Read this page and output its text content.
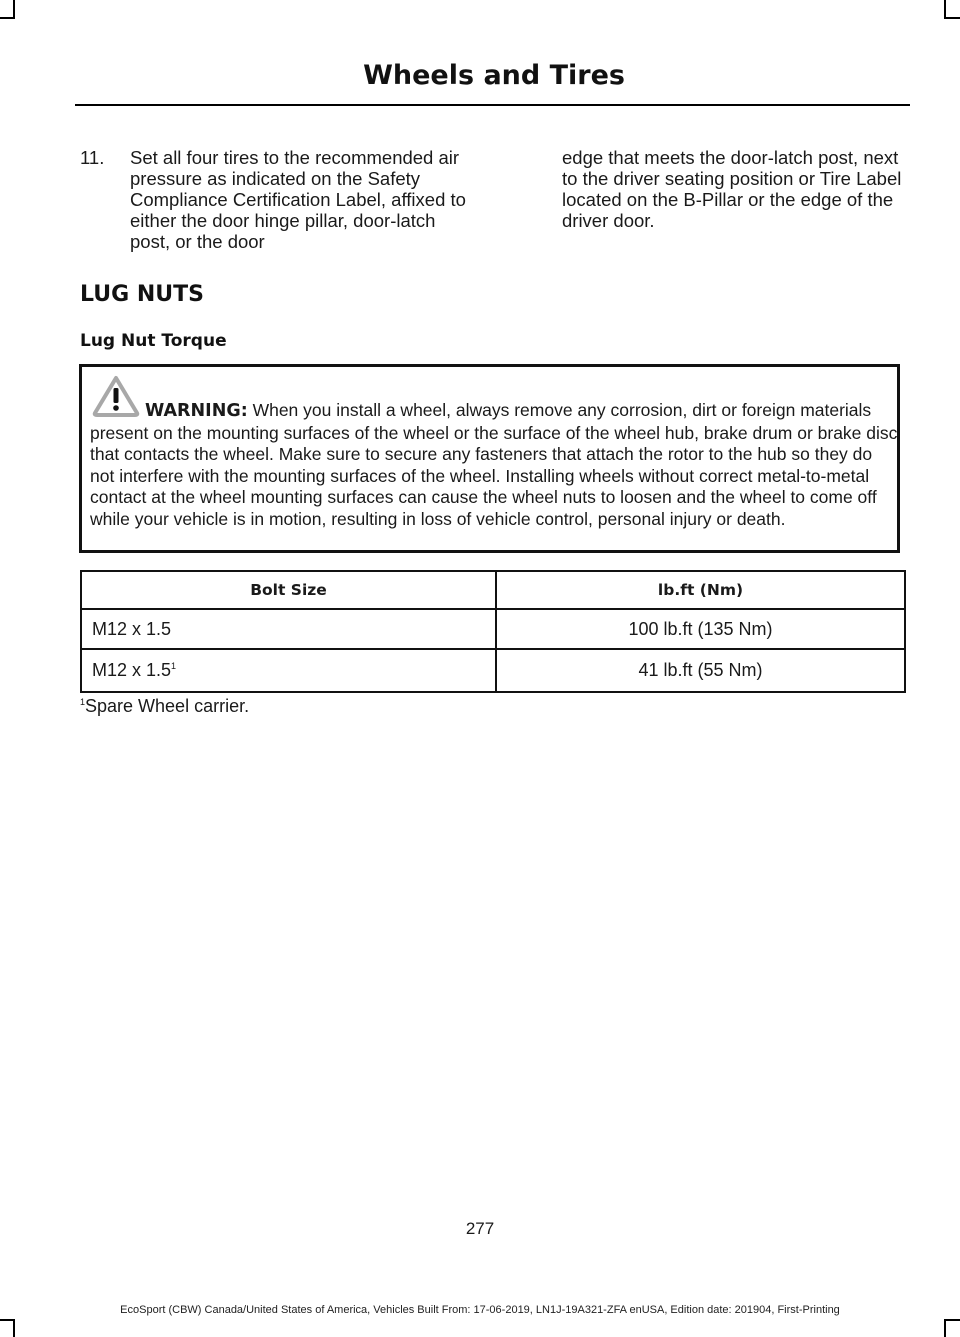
Wheels and Tires
11.	Set all four tires to the recommended air pressure as indicated on the Safety Compliance Certification Label, affixed to either the door hinge pillar, door-latch post, or the door
edge that meets the door-latch post, next to the driver seating position or Tire Label located on the B-Pillar or the edge of the driver door.
LUG NUTS
Lug Nut Torque

WARNING: When you install a wheel, always remove any corrosion, dirt or foreign materials present on the mounting surfaces of the wheel or the surface of the wheel hub, brake drum or brake disc that contacts the wheel. Make sure to secure any fasteners that attach the rotor to the hub so they do not interfere with the mounting surfaces of the wheel. Installing wheels without correct metal-to-metal contact at the wheel mounting surfaces can cause the wheel nuts to loosen and the wheel to come off while your vehicle is in motion, resulting in loss of vehicle control, personal injury or death.

Bolt Size	lb.ft (Nm)
M12 x 1.5	100 lb.ft (135 Nm)
M12 x $1.5^1$	41 lb.ft (55 Nm)
$^1$Spare Wheel carrier.
277
EcoSport (CBW) Canada/United States of America, Vehicles Built From: 17-06-2019, LN1J-19A321-ZFA enUSA, Edition date: 201904, First-Printing
